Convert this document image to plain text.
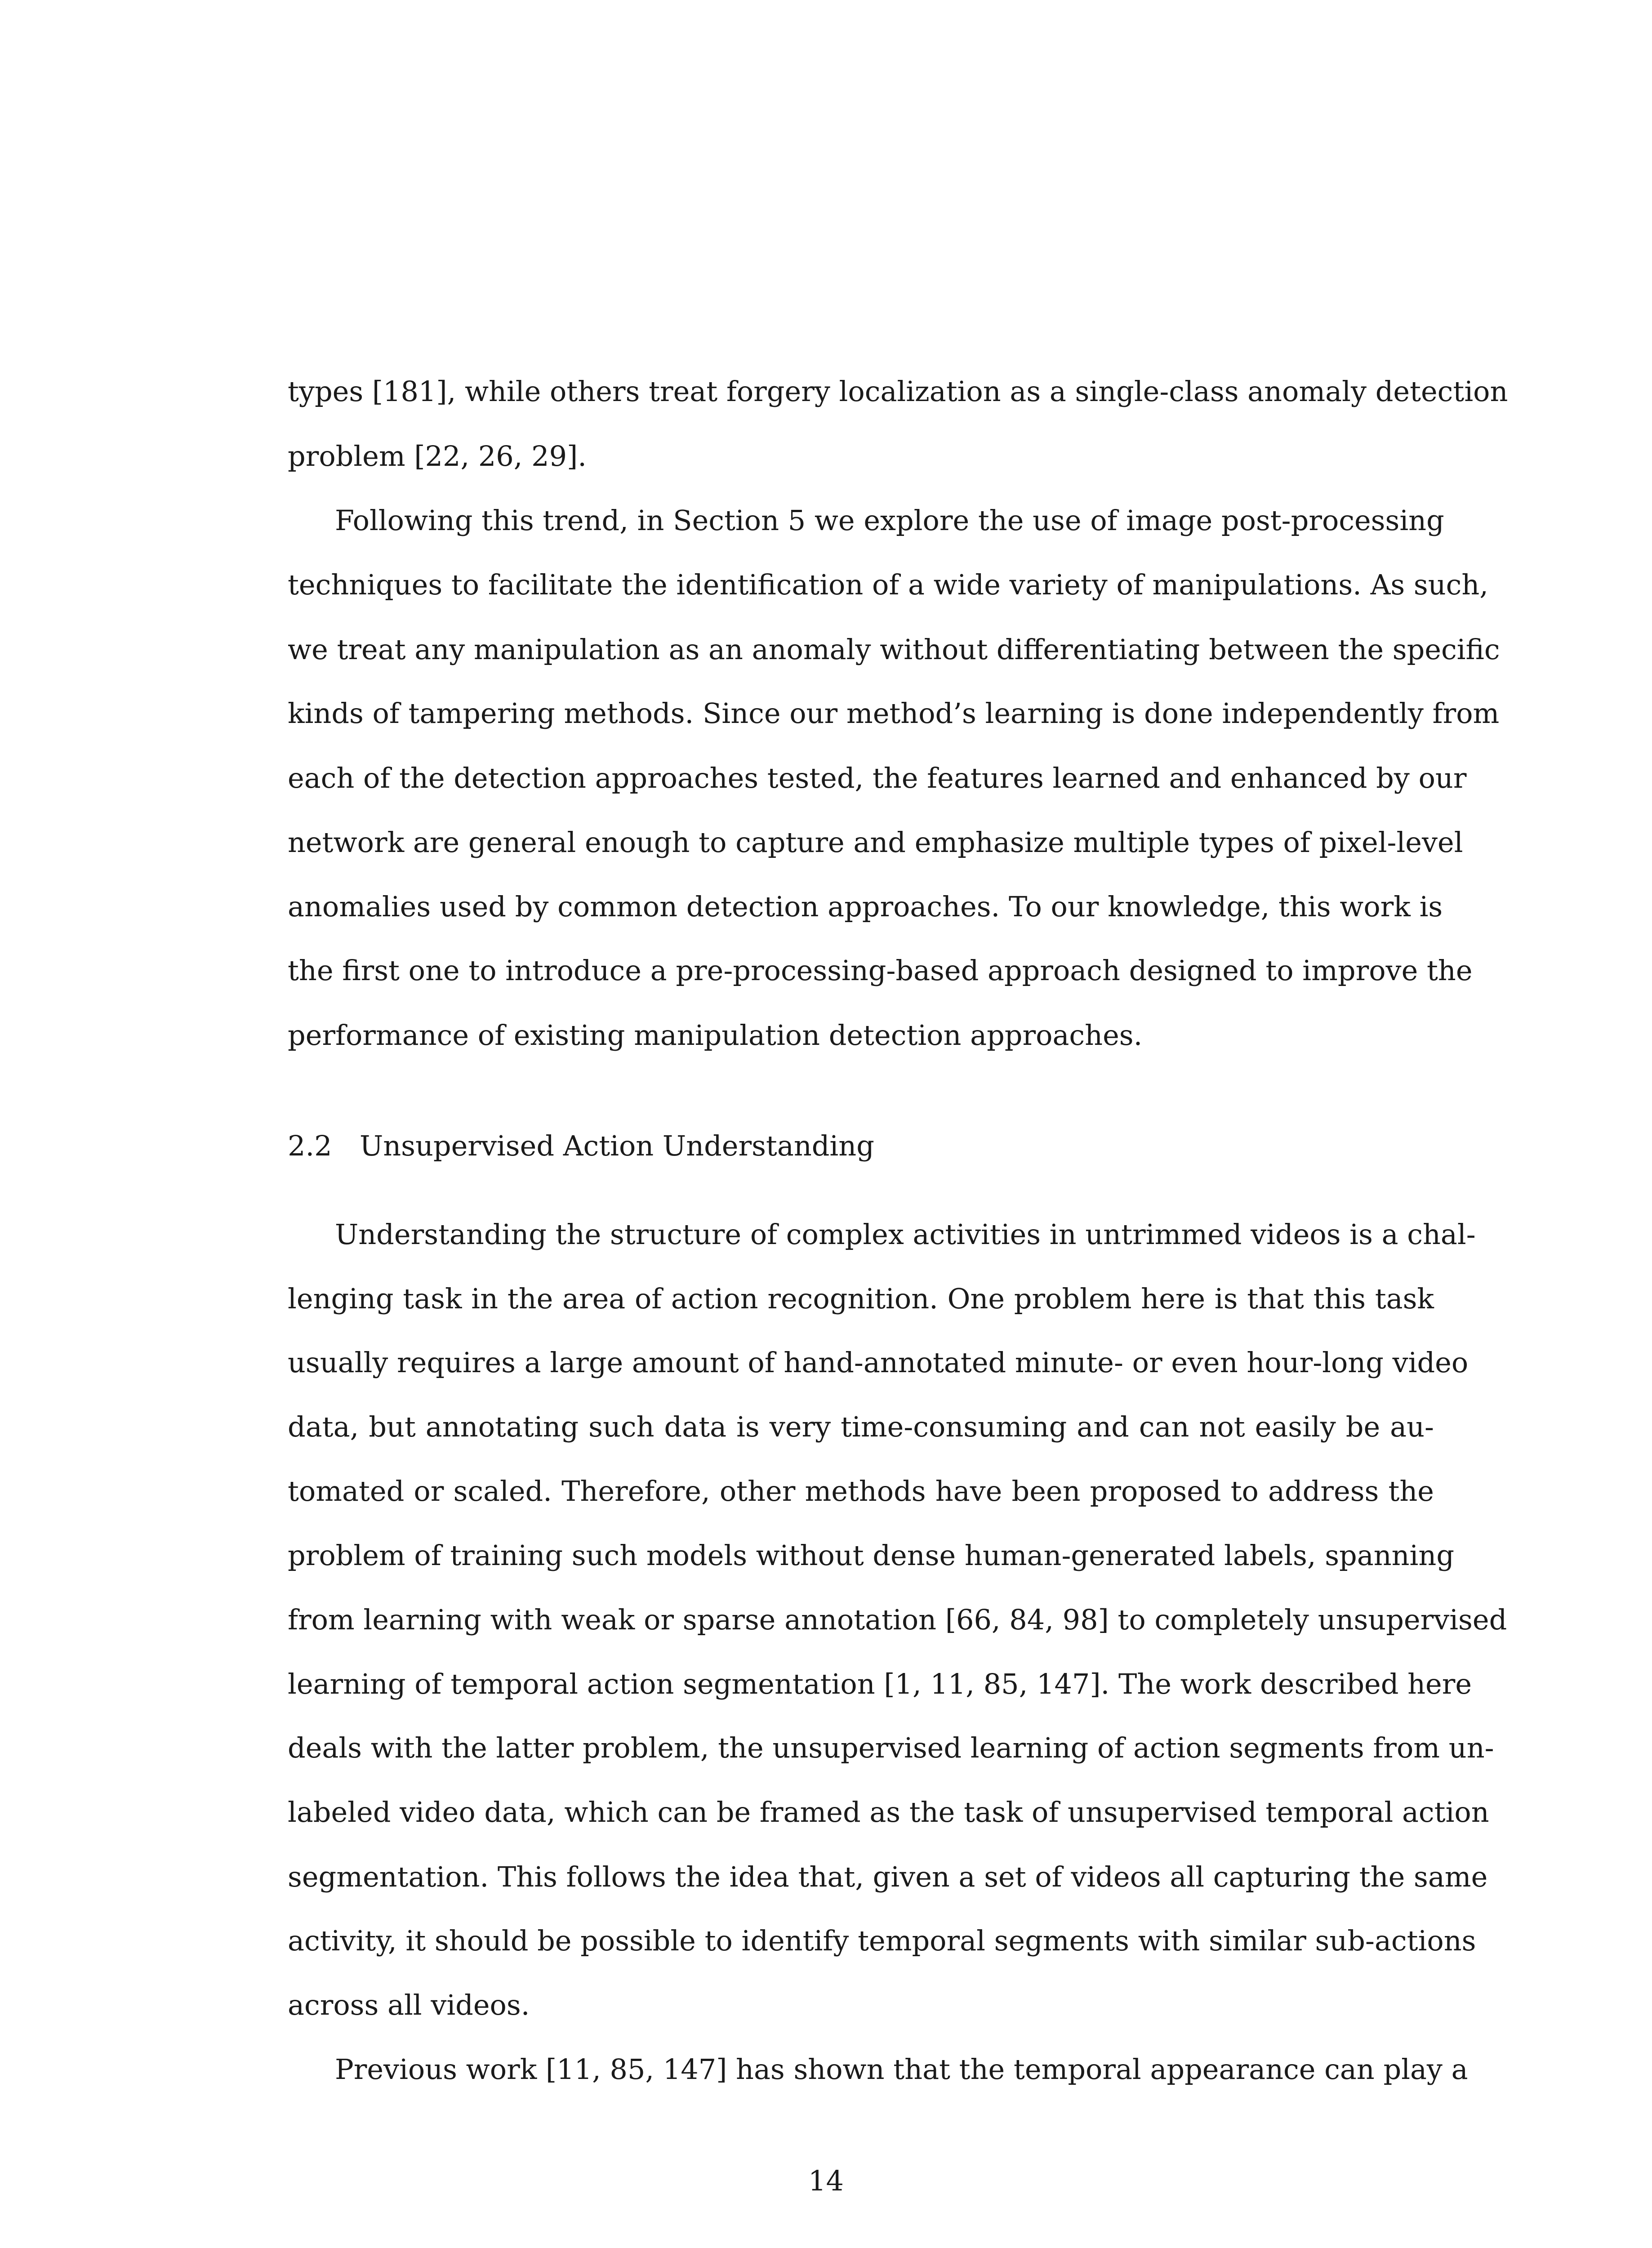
types [181], while others treat forgery localization as a single-class anomaly detection

problem [22, 26, 29].

Following this trend, in Section 5 we explore the use of image post-processing

techniques to facilitate the identification of a wide variety of manipulations. As such,

we treat any manipulation as an anomaly without differentiating between the specific

kinds of tampering methods. Since our method’s learning is done independently from

each of the detection approaches tested, the features learned and enhanced by our

network are general enough to capture and emphasize multiple types of pixel-level

anomalies used by common detection approaches. To our knowledge, this work is

the first one to introduce a pre-processing-based approach designed to improve the

performance of existing manipulation detection approaches.

2.2 Unsupervised Action Understanding

Understanding the structure of complex activities in untrimmed videos is a chal-

lenging task in the area of action recognition. One problem here is that this task

usually requires a large amount of hand-annotated minute- or even hour-long video

data, but annotating such data is very time-consuming and can not easily be au-

tomated or scaled. Therefore, other methods have been proposed to address the

problem of training such models without dense human-generated labels, spanning

from learning with weak or sparse annotation [66, 84, 98] to completely unsupervised

learning of temporal action segmentation [1, 11, 85, 147]. The work described here

deals with the latter problem, the unsupervised learning of action segments from un-

labeled video data, which can be framed as the task of unsupervised temporal action

segmentation. This follows the idea that, given a set of videos all capturing the same

activity, it should be possible to identify temporal segments with similar sub-actions

across all videos.

Previous work [11, 85, 147] has shown that the temporal appearance can play a

14
